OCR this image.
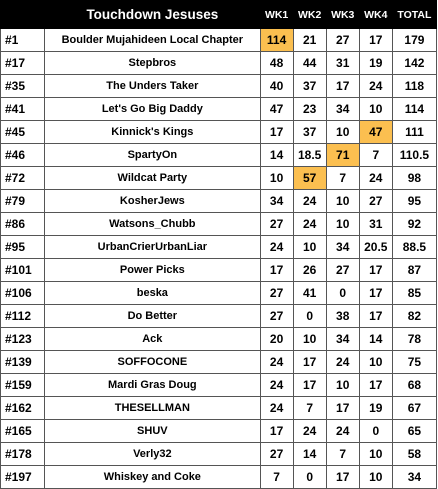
	Touchdown Jesuses	WK1	WK2	WK3	WK4	TOTAL
#1	Boulder Mujahideen Local Chapter	114	21	27	17	179
#17	Stepbros	48	44	31	19	142
#35	The Unders Taker	40	37	17	24	118
#41	Let's Go Big Daddy	47	23	34	10	114
#45	Kinnick's Kings	17	37	10	47	111
#46	SpartyOn	14	18.5	71	7	110.5
#72	Wildcat Party	10	57	7	24	98
#79	KosherJews	34	24	10	27	95
#86	Watsons_Chubb	27	24	10	31	92
#95	UrbanCrierUrbanLiar	24	10	34	20.5	88.5
#101	Power Picks	17	26	27	17	87
#106	beska	27	41	0	17	85
#112	Do Better	27	0	38	17	82
#123	Ack	20	10	34	14	78
#139	SOFFOCONE	24	17	24	10	75
#159	Mardi Gras Doug	24	17	10	17	68
#162	THESELLMAN	24	7	17	19	67
#165	SHUV	17	24	24	0	65
#178	Verly32	27	14	7	10	58
#197	Whiskey and Coke	7	0	17	10	34
